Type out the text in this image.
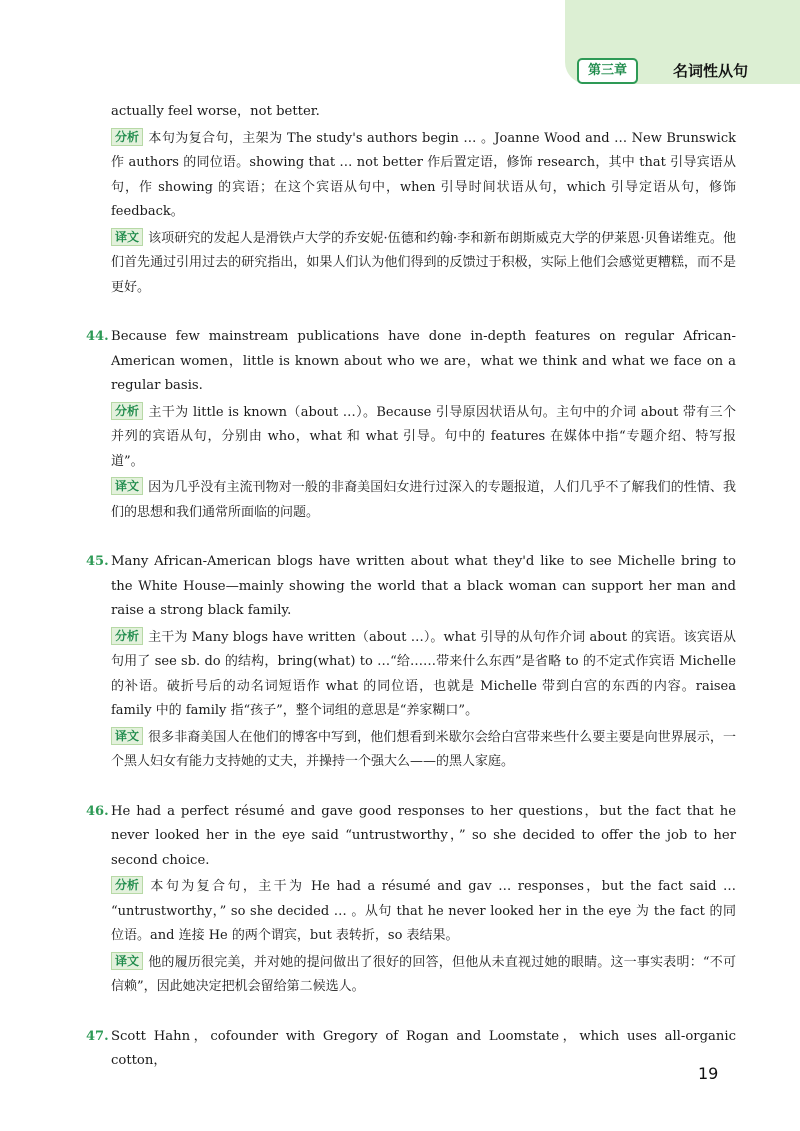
第三章	名词性从句
actually feel worse，not better.
分析 本句为复合句，主架为 The study's authors begin … 。Joanne Wood and … New Brunswick 作 authors 的同位语。showing that … not better 作后置定语，修饰 research，其中 that 引导宾语从句，作 showing 的宾语；在这个宾语从句中，when 引导时间状语从句，which 引导定语从句，修饰 feedback。
译文 该项研究的发起人是滑铁卢大学的乔安妮·伍德和约翰·李和新布朗斯威克大学的伊莱恩·贝鲁诺维克。他们首先通过引用过去的研究指出，如果人们认为他们得到的反馈过于积极，实际上他们会感觉更糟糕，而不是更好。
44. Because few mainstream publications have done in-depth features on regular African-American women，little is known about who we are，what we think and what we face on a regular basis.
分析 主干为 little is known（about …）。Because 引导原因状语从句。主句中的介词 about 带有三个并列的宾语从句，分别由 who，what 和 what 引导。句中的 features 在媒体中指“专题介绍、特写报道”。
译文 因为几乎没有主流刊物对一般的非裔美国妇女进行过深入的专题报道，人们几乎不了解我们的性情、我们的思想和我们通常所面临的问题。
45. Many African-American blogs have written about what they'd like to see Michelle bring to the White House—mainly showing the world that a black woman can support her man and raise a strong black family.
分析 主干为 Many blogs have written（about …）。what 引导的从句作介词 about 的宾语。该宾语从句用了 see sb. do 的结构，bring(what) to …“给……带来什么东西”是省略 to 的不定式作宾语 Michelle 的补语。破折号后的动名词短语作 what 的同位语，也就是 Michelle 带到白宫的东西的内容。raisea family 中的 family 指“孩子”，整个词组的意思是“养家糊口”。
译文 很多非裔美国人在他们的博客中写到，他们想看到米歇尔会给白宫带来些什么要主要是向世界展示，一个黑人妇女有能力支持她的丈夫，并操持一个强大么——的黑人家庭。
46. He had a perfect résumé and gave good responses to her questions，but the fact that he never looked her in the eye said “untrustworthy，” so she decided to offer the job to her second choice.
分析 本句为复合句，主干为 He had a résumé and gav … responses，but the fact said … “untrustworthy，” so she decided … 。从句 that he never looked her in the eye 为 the fact 的同位语。and 连接 He 的两个谓宾，but 表转折，so 表结果。
译文 他的履历很完美，并对她的提问做出了很好的回答，但他从未直视过她的眼睛。这一事实表明：“不可信赖”，因此她决定把机会留给第二候选人。
47. Scott Hahn，cofounder with Gregory of Rogan and Loomstate，which uses all-organic cotton，
19
